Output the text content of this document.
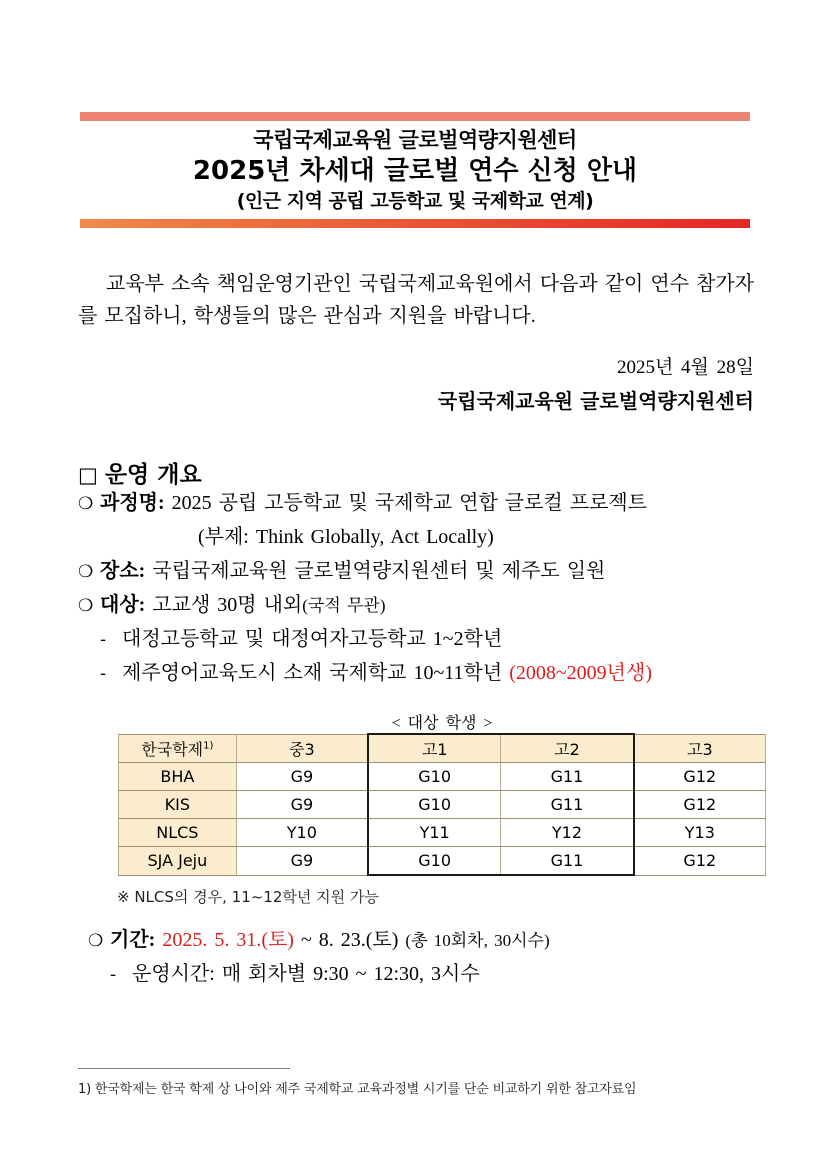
국립국제교육원 글로벌역량지원센터
2025년 차세대 글로벌 연수 신청 안내
(인근 지역 공립 고등학교 및 국제학교 연계)
교육부 소속 책임운영기관인 국립국제교육원에서 다음과 같이 연수 참가자를 모집하니, 학생들의 많은 관심과 지원을 바랍니다.
2025년 4월 28일
국립국제교육원 글로벌역량지원센터
□ 운영 개요
❍ 과정명: 2025 공립 고등학교 및 국제학교 연합 글로컬 프로젝트
(부제: Think Globally, Act Locally)
❍ 장소: 국립국제교육원 글로벌역량지원센터 및 제주도 일원
❍ 대상: 고교생 30명 내외(국적 무관)
- 대정고등학교 및 대정여자고등학교 1~2학년
- 제주영어교육도시 소재 국제학교 10~11학년 (2008~2009년생)
< 대상 학생 >
한국학제$^{1)}$	중3	고1	고2	고3
BHA	G9	G10	G11	G12
KIS	G9	G10	G11	G12
NLCS	Y10	Y11	Y12	Y13
SJA Jeju	G9	G10	G11	G12
※ NLCS의 경우, 11~12학년 지원 가능
❍ 기간: 2025. 5. 31.(토) ~ 8. 23.(토) (총 10회차, 30시수)
- 운영시간: 매 회차별 9:30 ~ 12:30, 3시수
1) 한국학제는 한국 학제 상 나이와 제주 국제학교 교육과정별 시기를 단순 비교하기 위한 참고자료임
